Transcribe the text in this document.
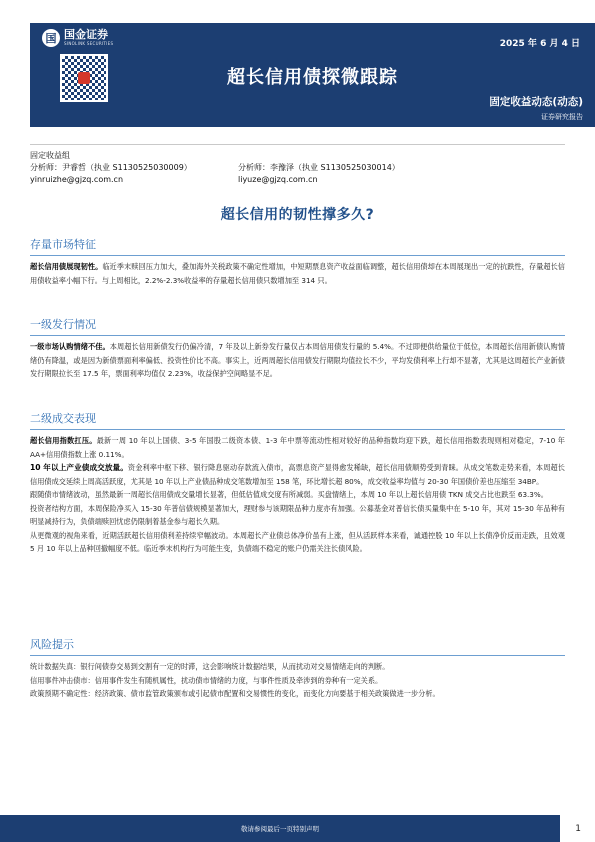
国 国金证券
SINOLINK SECURITIES	2025 年 6 月 4 日
超长信用债探微跟踪
固定收益动态(动态)
证券研究报告
固定收益组
分析师：尹睿哲（执业 S1130525030009）	分析师：李豫泽（执业 S1130525030014）
yinruizhe@gjzq.com.cn	liyuze@gjzq.com.cn
超长信用的韧性撑多久?
存量市场特征

超长信用债展现韧性。临近季末赎回压力加大，叠加海外关税政策不确定性增加，中短期票息资产收益面临调整，超长信用债却在本周展现出一定的抗跌性，存量超长信用债收益率小幅下行。与上周相比，2.2%-2.3%收益率的存量超长信用债只数增加至 314 只。

一级发行情况

一级市场认购情绪不佳。本周超长信用新债发行仍偏冷清，7 年及以上新券发行量仅占本周信用债发行量的 5.4%。不过即便供给量位于低位，本周超长信用新债认购情绪仍有降温，或是因为新债票面利率偏低、投资性价比不高。事实上，近两周超长信用债发行期限均值拉长不少，平均发债利率上行却不显著，尤其是这周超长产业新债发行期限拉长至 17.5 年，票面利率均值仅 2.23%，收益保护空间略显不足。

二级成交表现

超长信用指数扛压。最新一周 10 年以上国债、3-5 年国股二级资本债、1-3 年中票等流动性相对较好的品种指数均迎下跌，超长信用指数表现则相对稳定，7-10 年 AA+信用债指数上涨 0.11%。

10 年以上产业债成交放量。资金利率中枢下移、银行降息驱动存款流入债市，高票息资产显得愈发稀缺，超长信用债顺势受到青睐。从成交笔数走势来看，本周超长信用债成交延续上周高活跃度，尤其是 10 年以上产业债品种成交笔数增加至 158 笔，环比增长超 80%，成交收益率均值与 20-30 年国债价差也压缩至 34BP。

跟随债市情绪波动，虽然最新一周超长信用债成交量增长显著，但低估值成交度有所减弱。买盘情绪上，本周 10 年以上超长信用债 TKN 成交占比也跌至 63.3%。

投资者结构方面，本周保险净买入 15-30 年普信债规模显著加大，理财参与该期限品种力度亦有加强。公募基金对普信长债买量集中在 5-10 年，其对 15-30 年品种有明显减持行为，负债端赎回忧虑仍限制着基金参与超长久期。

从更微观的视角来看，近期活跃超长信用债利差持续窄幅波动。本周超长产业债总体净价虽有上涨，但从活跃样本来看，诚通控股 10 年以上长债净价反而走跌，且效观 5 月 10 年以上品种回撤幅度不低。临近季末机构行为可能生变，负债端不稳定的账户仍需关注长债风险。

风险提示

统计数据失真：银行间债券交易到交割有一定的时滞，这会影响统计数据结果，从而扰动对交易情绪走向的判断。

信用事件冲击债市：信用事件发生有随机属性，扰动债市情绪的力度，与事件性质及牵涉到的券种有一定关系。

政策预期不确定性：经济政策、债市监管政策颁布或引起债市配置和交易惯性的变化，而变化方向要基于相关政策做进一步分析。

敬请参阅最后一页特别声明	1
